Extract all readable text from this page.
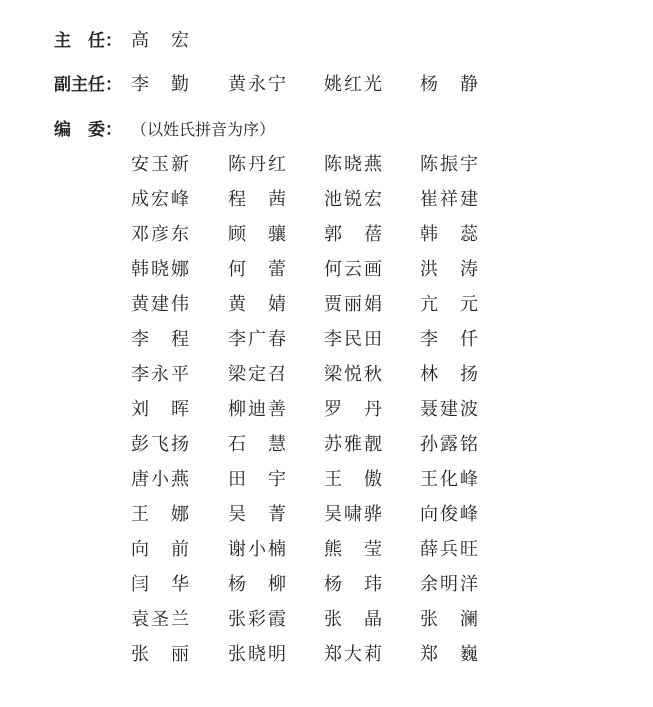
主　任： 高　宏
副主任： 李　勤 黄永宁 姚红光 杨　静
编　委： （以姓氏拼音为序）
安玉新 陈丹红 陈晓燕 陈振宇
成宏峰 程　茜 池锐宏 崔祥建
邓彦东 顾　骧 郭　蓓 韩　蕊
韩晓娜 何　蕾 何云画 洪　涛
黄建伟 黄　婧 贾丽娟 亢　元
李　程 李广春 李民田 李　仟
李永平 梁定召 梁悦秋 林　扬
刘　晖 柳迪善 罗　丹 聂建波
彭飞扬 石　慧 苏雅靓 孙露铭
唐小燕 田　宇 王　傲 王化峰
王　娜 吴　菁 吴啸骅 向俊峰
向　前 谢小楠 熊　莹 薛兵旺
闫　华 杨　柳 杨　玮 余明洋
袁圣兰 张彩霞 张　晶 张　澜
张　丽 张晓明 郑大莉 郑　巍
